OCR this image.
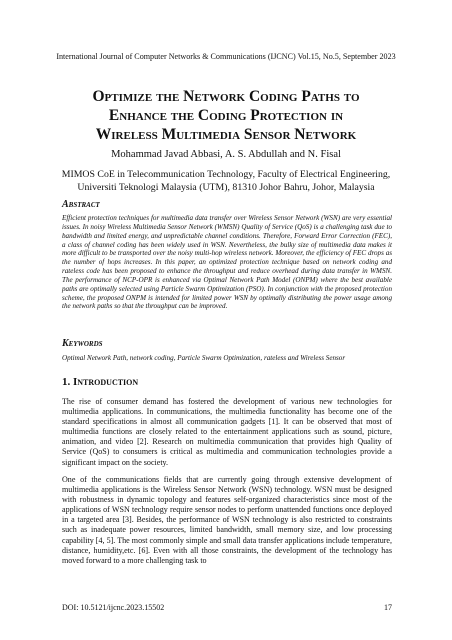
International Journal of Computer Networks & Communications (IJCNC) Vol.15, No.5, September 2023
Optimize the Network Coding Paths to
Enhance the Coding Protection in
Wireless Multimedia Sensor Network
Mohammad Javad Abbasi, A. S. Abdullah and N. Fisal
MIMOS CoE in Telecommunication Technology, Faculty of Electrical Engineering,
Universiti Teknologi Malaysia (UTM), 81310 Johor Bahru, Johor, Malaysia
Abstract

Efficient protection techniques for multimedia data transfer over Wireless Sensor Network (WSN) are very essential issues. In noisy Wireless Multimedia Sensor Network (WMSN) Quality of Service (QoS) is a challenging task due to bandwidth and limited energy, and unpredictable channel conditions. Therefore, Forward Error Correction (FEC), a class of channel coding has been widely used in WSN. Nevertheless, the bulky size of multimedia data makes it more difficult to be transported over the noisy multi-hop wireless network. Moreover, the efficiency of FEC drops as the number of hops increases. In this paper, an optimized protection technique based on network coding and rateless code has been proposed to enhance the throughput and reduce overhead during data transfer in WMSN. The performance of NCP-OPR is enhanced via Optimal Network Path Model (ONPM) where the best available paths are optimally selected using Particle Swarm Optimization (PSO). In conjunction with the proposed protection scheme, the proposed ONPM is intended for limited power WSN by optimally distributing the power usage among the network paths so that the throughput can be improved.

Keywords

Optimal Network Path, network coding, Particle Swarm Optimization, rateless and Wireless Sensor

1. Introduction

The rise of consumer demand has fostered the development of various new technologies for multimedia applications. In communications, the multimedia functionality has become one of the standard specifications in almost all communication gadgets [1]. It can be observed that most of multimedia functions are closely related to the entertainment applications such as sound, picture, animation, and video [2]. Research on multimedia communication that provides high Quality of Service (QoS) to consumers is critical as multimedia and communication technologies provide a significant impact on the society.

One of the communications fields that are currently going through extensive development of multimedia applications is the Wireless Sensor Network (WSN) technology. WSN must be designed with robustness in dynamic topology and features self-organized characteristics since most of the applications of WSN technology require sensor nodes to perform unattended functions once deployed in a targeted area [3]. Besides, the performance of WSN technology is also restricted to constraints such as inadequate power resources, limited bandwidth, small memory size, and low processing capability [4, 5]. The most commonly simple and small data transfer applications include temperature, distance, humidity,etc. [6]. Even with all those constraints, the development of the technology has moved forward to a more challenging task to

DOI: 10.5121/ijcnc.2023.15502	17
